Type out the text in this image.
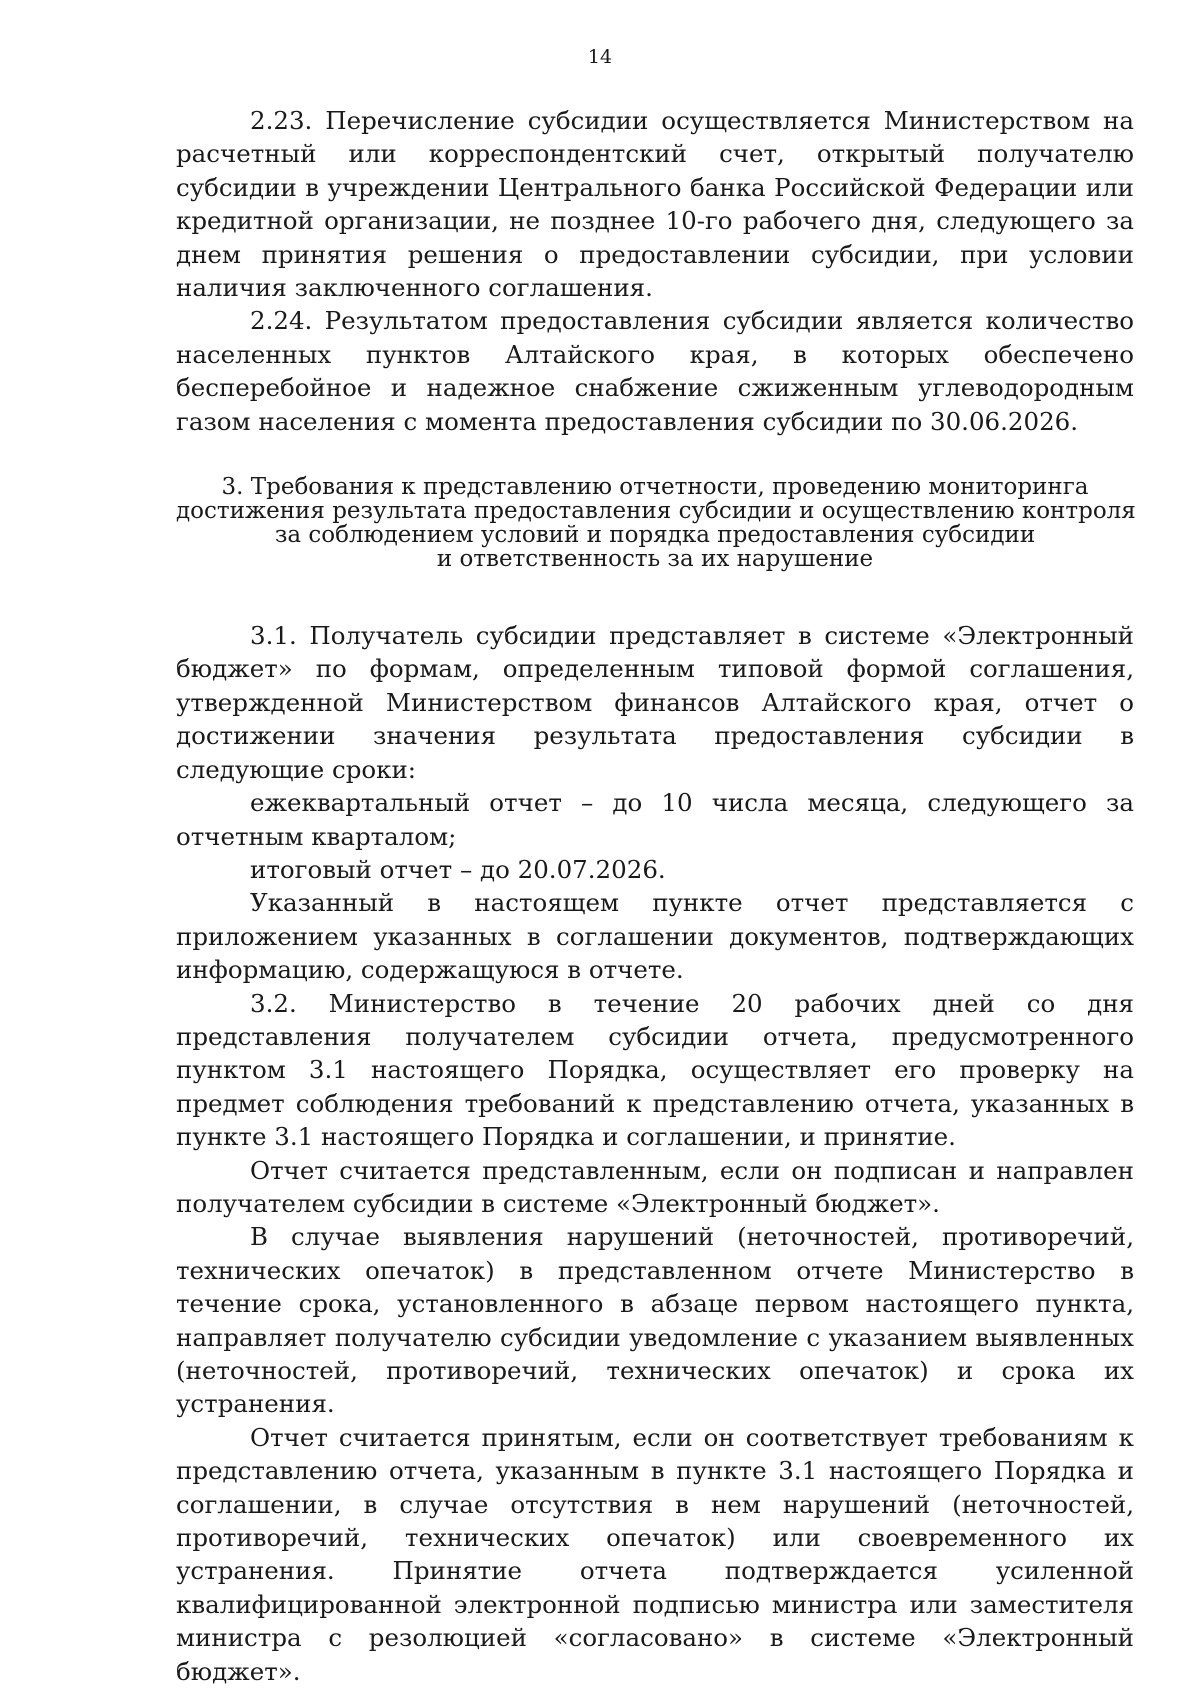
14

2.23. Перечисление субсидии осуществляется Министерством на расчетный или корреспондентский счет, открытый получателю субсидии в учреждении Центрального банка Российской Федерации или кредитной организации, не позднее 10-го рабочего дня, следующего за днем принятия решения о предоставлении субсидии, при условии наличия заключенного соглашения.

2.24. Результатом предоставления субсидии является количество населенных пунктов Алтайского края, в которых обеспечено бесперебойное и надежное снабжение сжиженным углеводородным газом населения с момента предоставления субсидии по 30.06.2026.

3. Требования к представлению отчетности, проведению мониторинга
достижения результата предоставления субсидии и осуществлению контроля
за соблюдением условий и порядка предоставления субсидии
и ответственность за их нарушение

3.1. Получатель субсидии представляет в системе «Электронный бюджет» по формам, определенным типовой формой соглашения, утвержденной Министерством финансов Алтайского края, отчет о достижении значения результата предоставления субсидии в следующие сроки:

ежеквартальный отчет – до 10 числа месяца, следующего за отчетным кварталом;

итоговый отчет – до 20.07.2026.

Указанный в настоящем пункте отчет представляется с приложением указанных в соглашении документов, подтверждающих информацию, содержащуюся в отчете.

3.2. Министерство в течение 20 рабочих дней со дня представления получателем субсидии отчета, предусмотренного пунктом 3.1 настоящего Порядка, осуществляет его проверку на предмет соблюдения требований к представлению отчета, указанных в пункте 3.1 настоящего Порядка и соглашении, и принятие.

Отчет считается представленным, если он подписан и направлен получателем субсидии в системе «Электронный бюджет».

В случае выявления нарушений (неточностей, противоречий, технических опечаток) в представленном отчете Министерство в течение срока, установленного в абзаце первом настоящего пункта, направляет получателю субсидии уведомление с указанием выявленных (неточностей, противоречий, технических опечаток) и срока их устранения.

Отчет считается принятым, если он соответствует требованиям к представлению отчета, указанным в пункте 3.1 настоящего Порядка и соглашении, в случае отсутствия в нем нарушений (неточностей, противоречий, технических опечаток) или своевременного их устранения. Принятие отчета подтверждается усиленной квалифицированной электронной подписью министра или заместителя министра с резолюцией «согласовано» в системе «Электронный бюджет».
